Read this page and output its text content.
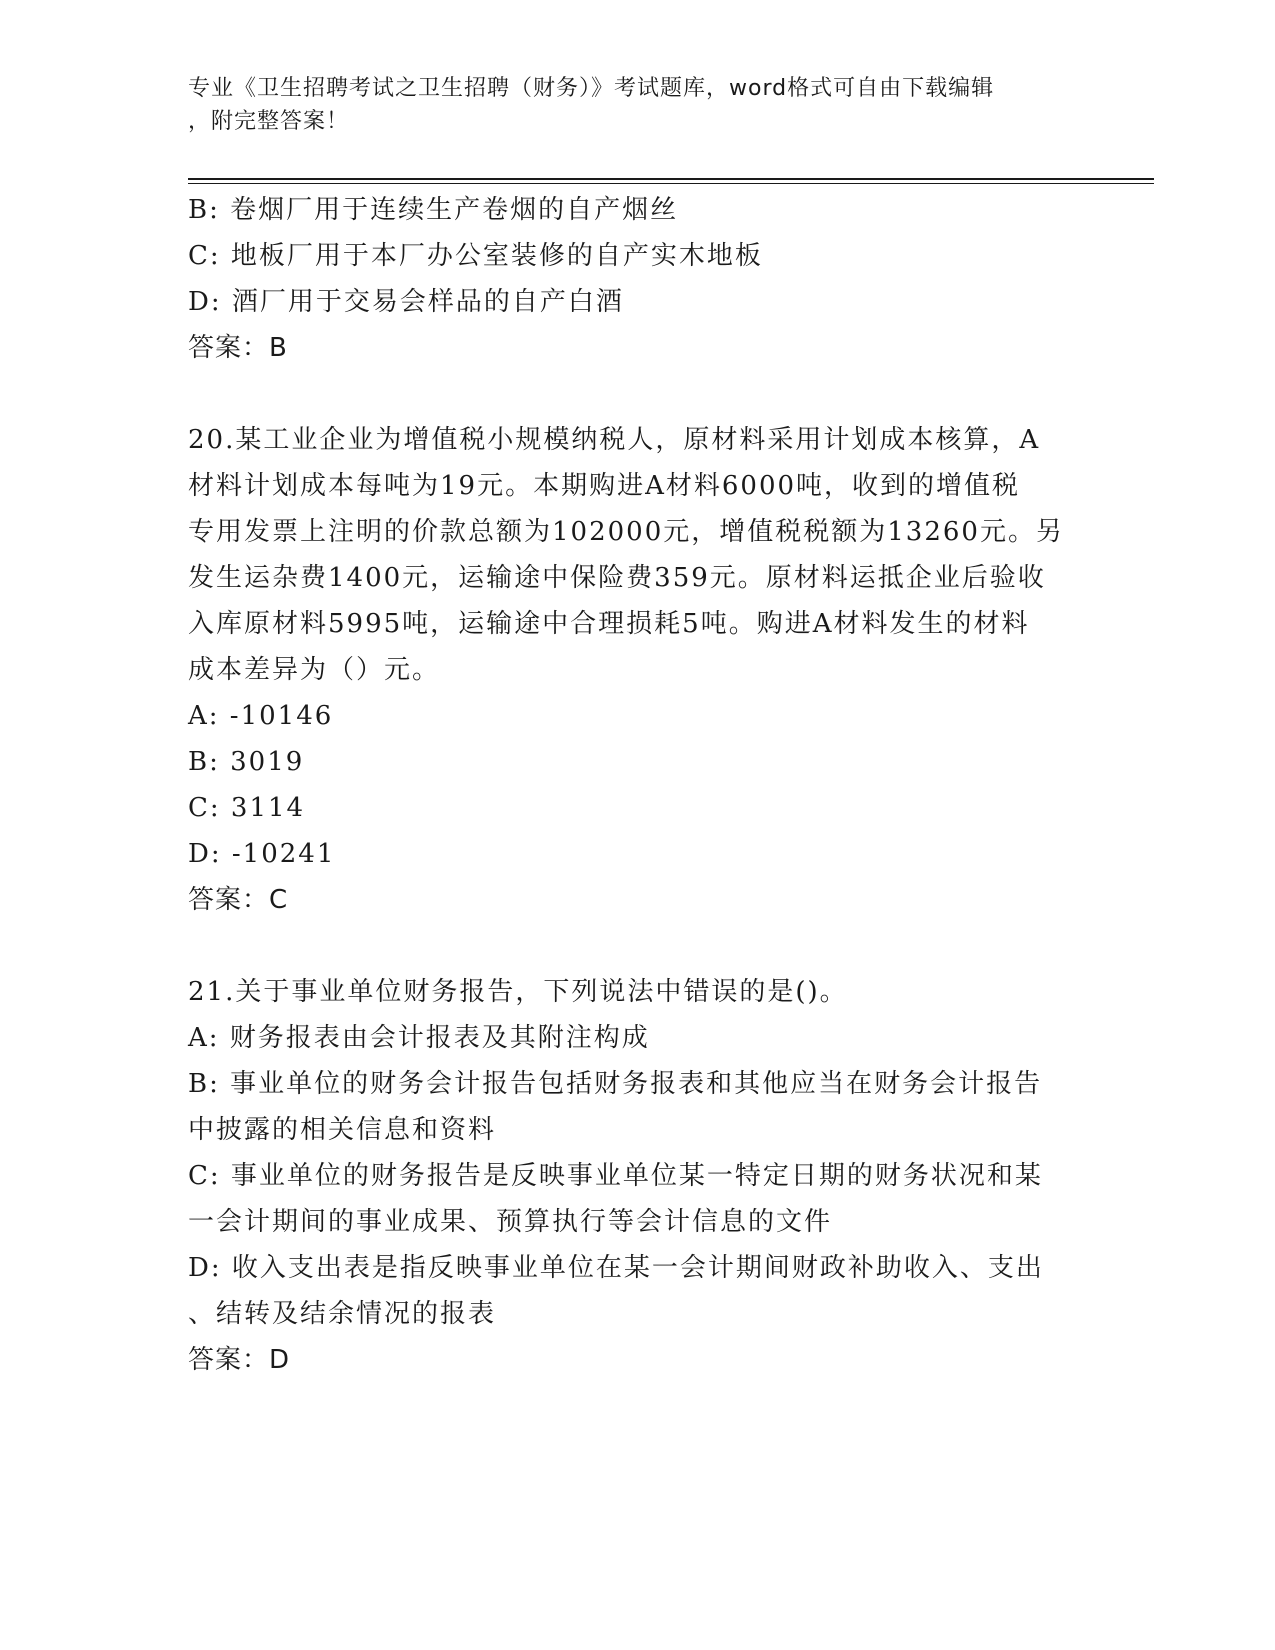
专业《卫生招聘考试之卫生招聘（财务）》考试题库，word格式可自由下载编辑
，附完整答案！

B: 卷烟厂用于连续生产卷烟的自产烟丝

C: 地板厂用于本厂办公室装修的自产实木地板

D: 酒厂用于交易会样品的自产白酒

答案：B

20.某工业企业为增值税小规模纳税人，原材料采用计划成本核算，A

材料计划成本每吨为19元。本期购进A材料6000吨，收到的增值税

专用发票上注明的价款总额为102000元，增值税税额为13260元。另

发生运杂费1400元，运输途中保险费359元。原材料运抵企业后验收

入库原材料5995吨，运输途中合理损耗5吨。购进A材料发生的材料

成本差异为（）元。

A: -10146

B: 3019

C: 3114

D: -10241

答案：C

21.关于事业单位财务报告，下列说法中错误的是()。

A: 财务报表由会计报表及其附注构成

B: 事业单位的财务会计报告包括财务报表和其他应当在财务会计报告

中披露的相关信息和资料

C: 事业单位的财务报告是反映事业单位某一特定日期的财务状况和某

一会计期间的事业成果、预算执行等会计信息的文件

D: 收入支出表是指反映事业单位在某一会计期间财政补助收入、支出

、结转及结余情况的报表

答案：D
